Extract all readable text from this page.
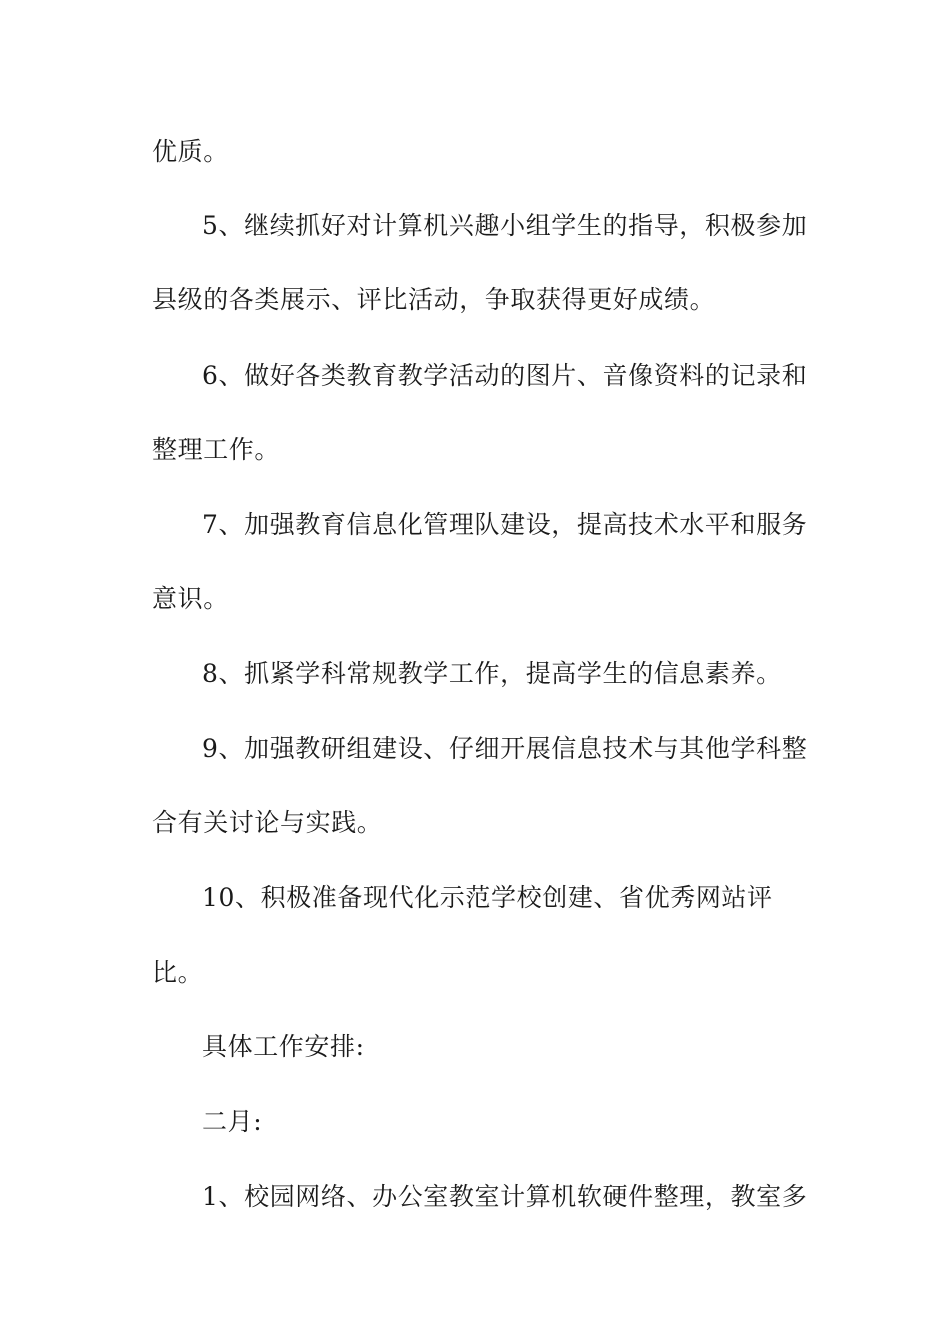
优质。

5、继续抓好对计算机兴趣小组学生的指导，积极参加

县级的各类展示、评比活动，争取获得更好成绩。

6、做好各类教育教学活动的图片、音像资料的记录和

整理工作。

7、加强教育信息化管理队建设，提高技术水平和服务

意识。

8、抓紧学科常规教学工作，提高学生的信息素养。

9、加强教研组建设、仔细开展信息技术与其他学科整

合有关讨论与实践。

10、积极准备现代化示范学校创建、省优秀网站评

比。

具体工作安排:

二月:

1、校园网络、办公室教室计算机软硬件整理，教室多
